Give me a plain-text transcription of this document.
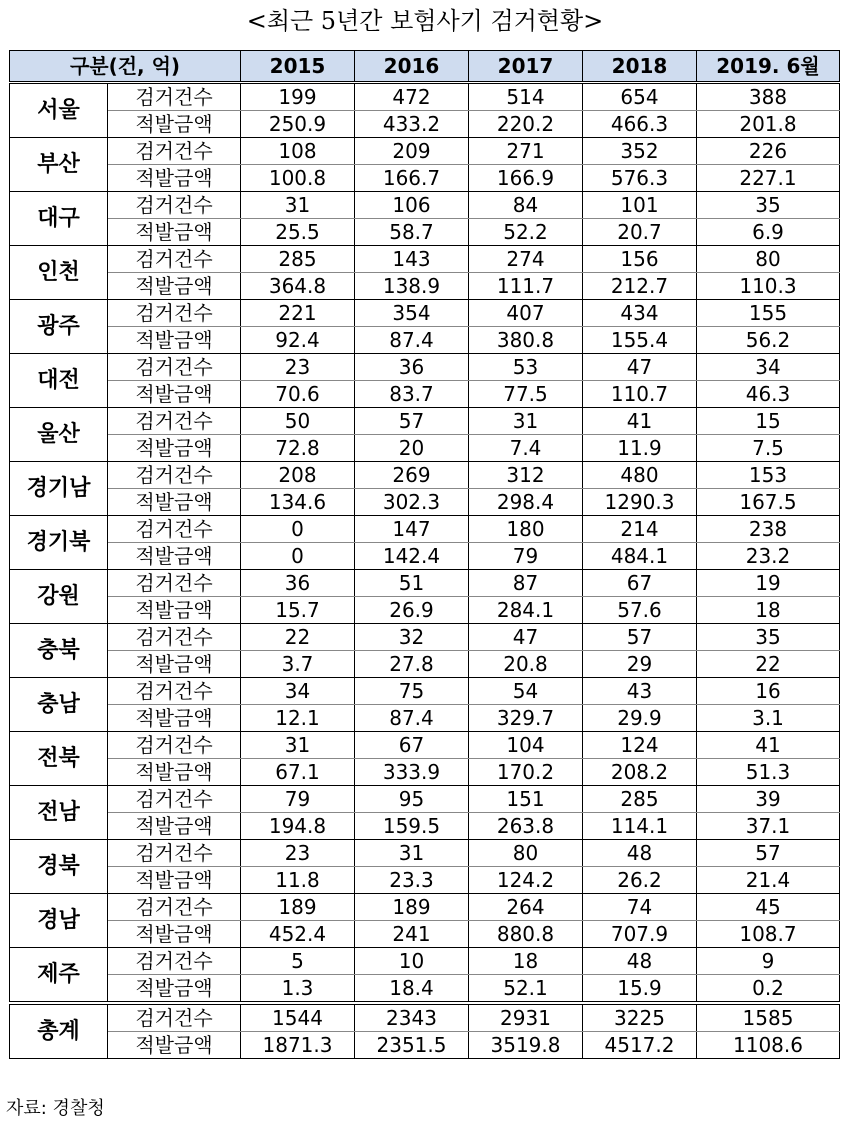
<최근 5년간 보험사기 검거현황>
구분(건, 억)		2015	2016	2017	2018	2019. 6월
서울	검거건수	199	472	514	654	388
	적발금액	250.9	433.2	220.2	466.3	201.8
부산	검거건수	108	209	271	352	226
	적발금액	100.8	166.7	166.9	576.3	227.1
대구	검거건수	31	106	84	101	35
	적발금액	25.5	58.7	52.2	20.7	6.9
인천	검거건수	285	143	274	156	80
	적발금액	364.8	138.9	111.7	212.7	110.3
광주	검거건수	221	354	407	434	155
	적발금액	92.4	87.4	380.8	155.4	56.2
대전	검거건수	23	36	53	47	34
	적발금액	70.6	83.7	77.5	110.7	46.3
울산	검거건수	50	57	31	41	15
	적발금액	72.8	20	7.4	11.9	7.5
경기남	검거건수	208	269	312	480	153
	적발금액	134.6	302.3	298.4	1290.3	167.5
경기북	검거건수	0	147	180	214	238
	적발금액	0	142.4	79	484.1	23.2
강원	검거건수	36	51	87	67	19
	적발금액	15.7	26.9	284.1	57.6	18
충북	검거건수	22	32	47	57	35
	적발금액	3.7	27.8	20.8	29	22
충남	검거건수	34	75	54	43	16
	적발금액	12.1	87.4	329.7	29.9	3.1
전북	검거건수	31	67	104	124	41
	적발금액	67.1	333.9	170.2	208.2	51.3
전남	검거건수	79	95	151	285	39
	적발금액	194.8	159.5	263.8	114.1	37.1
경북	검거건수	23	31	80	48	57
	적발금액	11.8	23.3	124.2	26.2	21.4
경남	검거건수	189	189	264	74	45
	적발금액	452.4	241	880.8	707.9	108.7
제주	검거건수	5	10	18	48	9
	적발금액	1.3	18.4	52.1	15.9	0.2
총계	검거건수	1544	2343	2931	3225	1585
	적발금액	1871.3	2351.5	3519.8	4517.2	1108.6
자료: 경찰청
